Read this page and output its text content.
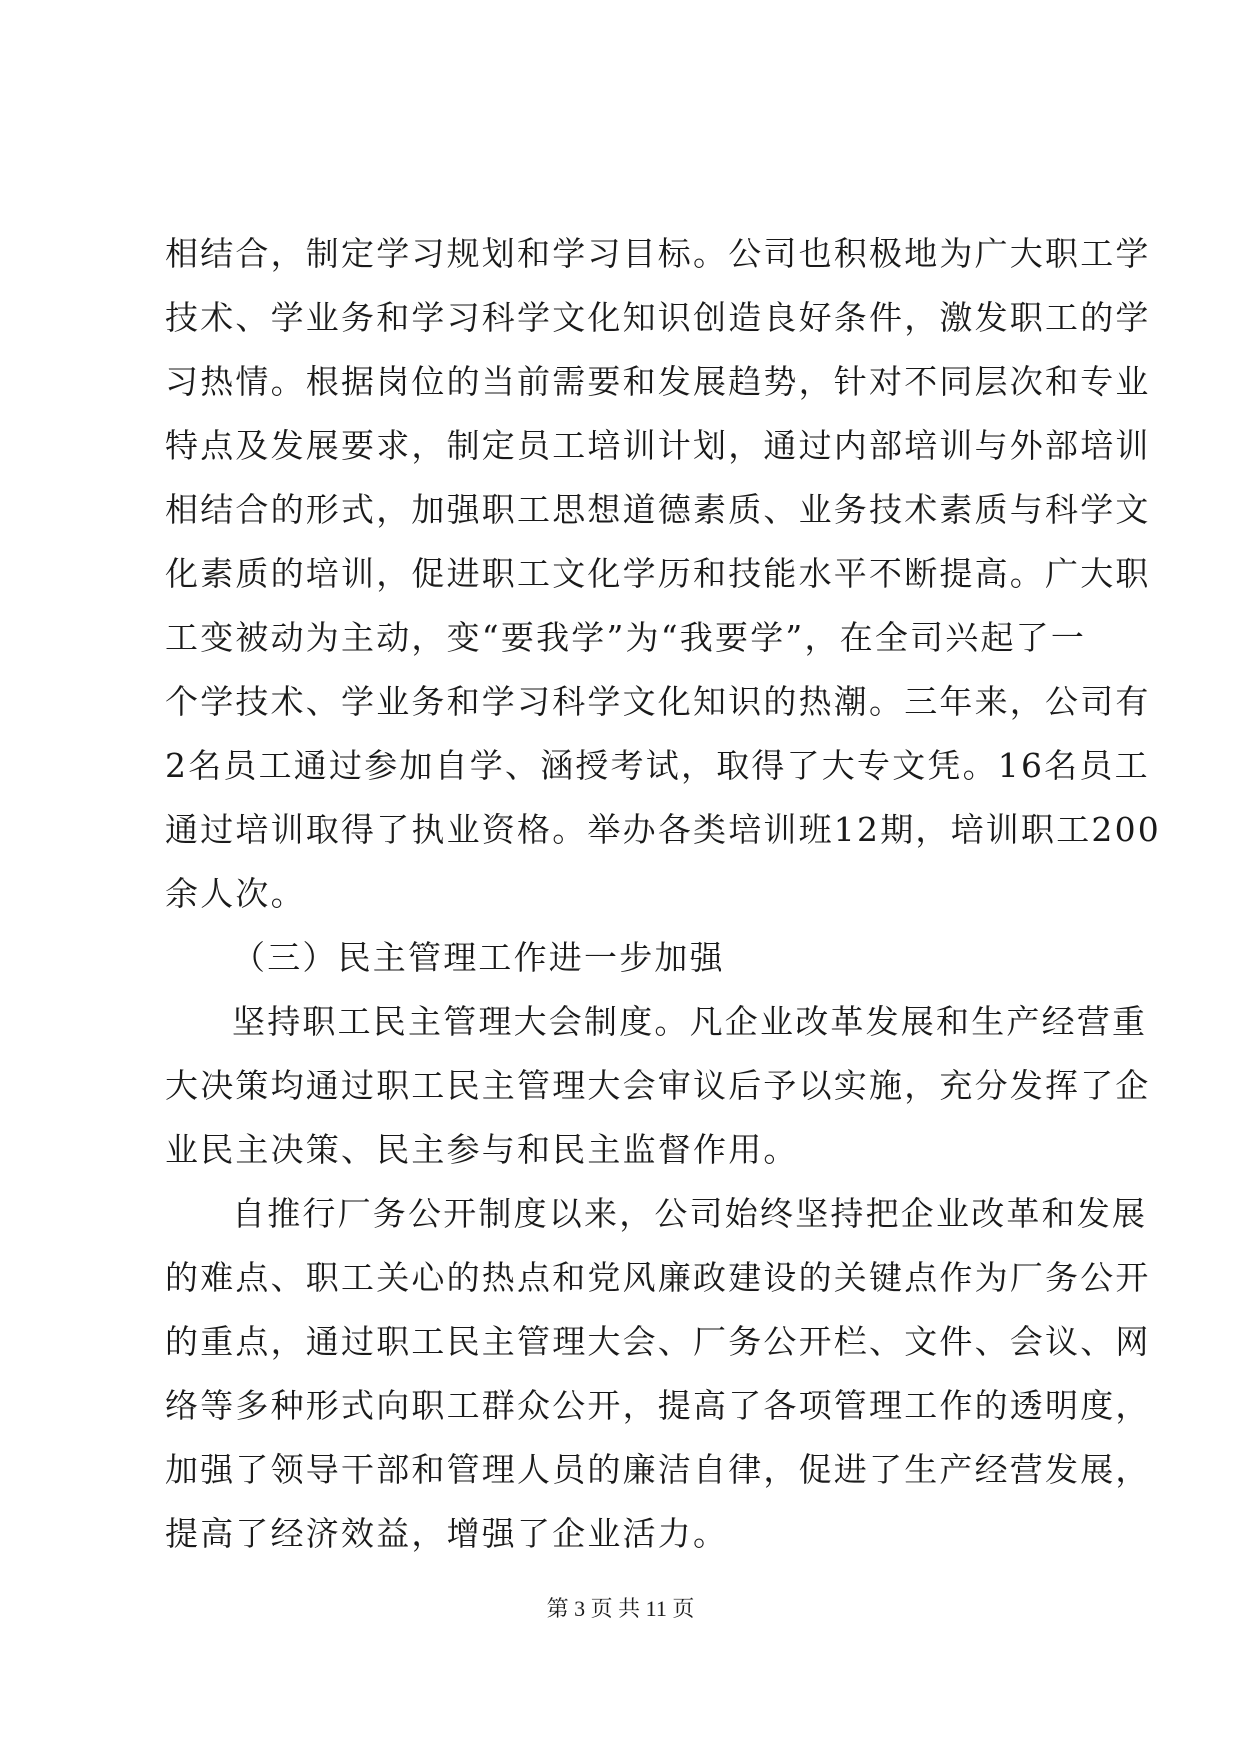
相结合，制定学习规划和学习目标。公司也积极地为广大职工学
技术、学业务和学习科学文化知识创造良好条件，激发职工的学
习热情。根据岗位的当前需要和发展趋势，针对不同层次和专业
特点及发展要求，制定员工培训计划，通过内部培训与外部培训
相结合的形式，加强职工思想道德素质、业务技术素质与科学文
化素质的培训，促进职工文化学历和技能水平不断提高。广大职
工变被动为主动，变“要我学”为“我要学”，在全司兴起了一
个学技术、学业务和学习科学文化知识的热潮。三年来，公司有
2名员工通过参加自学、涵授考试，取得了大专文凭。16名员工
通过培训取得了执业资格。举办各类培训班12期，培训职工200
余人次。
（三）民主管理工作进一步加强
坚持职工民主管理大会制度。凡企业改革发展和生产经营重
大决策均通过职工民主管理大会审议后予以实施，充分发挥了企
业民主决策、民主参与和民主监督作用。
自推行厂务公开制度以来，公司始终坚持把企业改革和发展
的难点、职工关心的热点和党风廉政建设的关键点作为厂务公开
的重点，通过职工民主管理大会、厂务公开栏、文件、会议、网
络等多种形式向职工群众公开，提高了各项管理工作的透明度，
加强了领导干部和管理人员的廉洁自律，促进了生产经营发展，
提高了经济效益，增强了企业活力。
第 3 页 共 11 页
